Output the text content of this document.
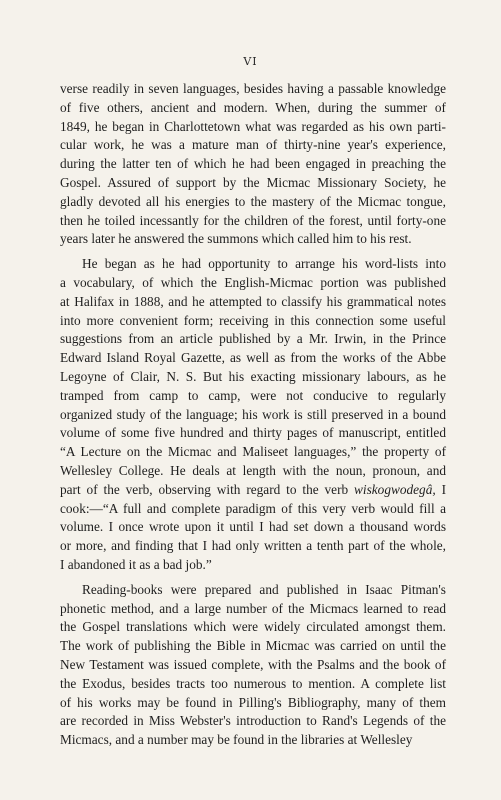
VI
verse readily in seven languages, besides having a passable knowledge
of five others, ancient and modern. When, during the summer of
1849, he began in Charlottetown what was regarded as his own parti-
cular work, he was a mature man of thirty-nine year's experience,
during the latter ten of which he had been engaged in preaching the
Gospel. Assured of support by the Micmac Missionary Society, he
gladly devoted all his energies to the mastery of the Micmac tongue,
then he toiled incessantly for the children of the forest, until forty-one
years later he answered the summons which called him to his rest.
He began as he had opportunity to arrange his word-lists into
a vocabulary, of which the English-Micmac portion was published
at Halifax in 1888, and he attempted to classify his grammatical notes
into more convenient form; receiving in this connection some useful
suggestions from an article published by a Mr. Irwin, in the Prince
Edward Island Royal Gazette, as well as from the works of the Abbe
Legoyne of Clair, N. S. But his exacting missionary labours, as he
tramped from camp to camp, were not conducive to regularly
organized study of the language; his work is still preserved in a bound
volume of some five hundred and thirty pages of manuscript, entitled
“A Lecture on the Micmac and Maliseet languages,” the property of
Wellesley College. He deals at length with the noun, pronoun, and
part of the verb, observing with regard to the verb wiskogwodegâ, I
cook:—“A full and complete paradigm of this very verb would fill a
volume. I once wrote upon it until I had set down a thousand words
or more, and finding that I had only written a tenth part of the whole,
I abandoned it as a bad job.”
Reading-books were prepared and published in Isaac Pitman's
phonetic method, and a large number of the Micmacs learned to read
the Gospel translations which were widely circulated amongst them.
The work of publishing the Bible in Micmac was carried on until the
New Testament was issued complete, with the Psalms and the book of
the Exodus, besides tracts too numerous to mention. A complete list
of his works may be found in Pilling's Bibliography, many of them
are recorded in Miss Webster's introduction to Rand's Legends of the
Micmacs, and a number may be found in the libraries at Wellesley
